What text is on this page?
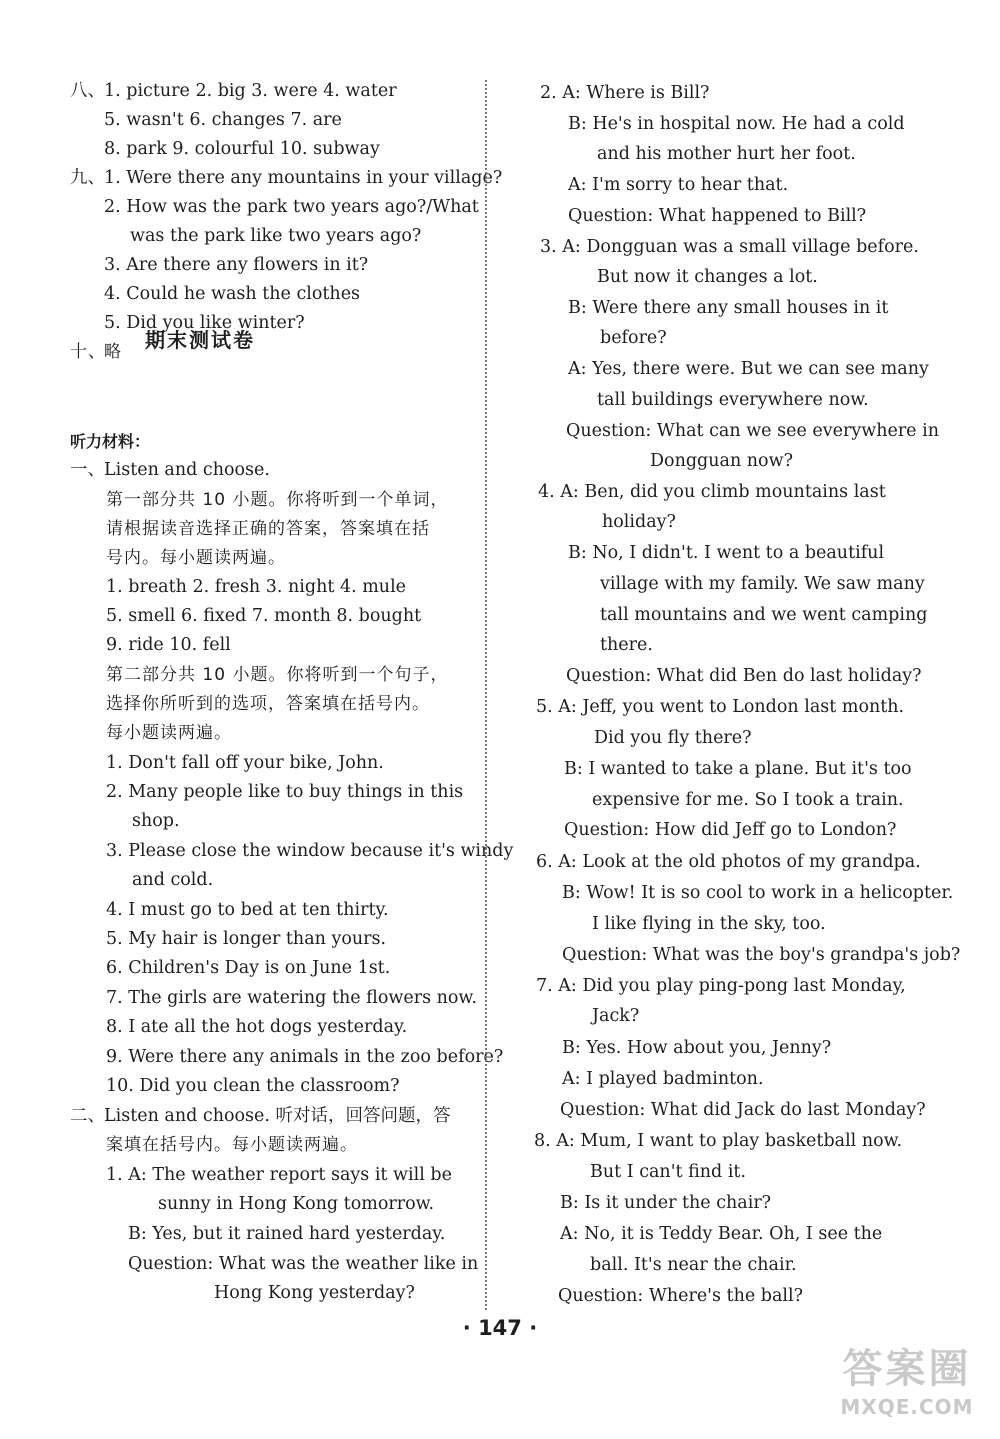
八、 1. picture 2. big 3. were 4. water
5. wasn't 6. changes 7. are
8. park 9. colourful 10. subway
九、 1. Were there any mountains in your village?
2. How was the park two years ago?/What
was the park like two years ago?
3. Are there any flowers in it?
4. Could he wash the clothes
5. Did you like winter?
十、
略
听力材料：
一、 Listen and choose.
第一部分共 10 小题。你将听到一个单词，
请根据读音选择正确的答案，答案填在括
号内。每小题读两遍。
1. breath 2. fresh 3. night 4. mule
5. smell 6. fixed 7. month 8. bought
9. ride 10. fell
第二部分共 10 小题。你将听到一个句子，
选择你所听到的选项，答案填在括号内。
每小题读两遍。
1. Don't fall off your bike, John.
2. Many people like to buy things in this
shop.
3. Please close the window because it's windy
and cold.
4. I must go to bed at ten thirty.
5. My hair is longer than yours.
6. Children's Day is on June 1st.
7. The girls are watering the flowers now.
8. I ate all the hot dogs yesterday.
9. Were there any animals in the zoo before?
10. Did you clean the classroom?
二、 Listen and choose. 听对话，回答问题，答
案填在括号内。每小题读两遍。
1. A: The weather report says it will be
sunny in Hong Kong tomorrow.
B: Yes, but it rained hard yesterday.
Question: What was the weather like in
Hong Kong yesterday?
期末测试卷
2. A: Where is Bill?
B: He's in hospital now. He had a cold
and his mother hurt her foot.
A: I'm sorry to hear that.
Question: What happened to Bill?
3. A: Dongguan was a small village before.
But now it changes a lot.
B: Were there any small houses in it
before?
A: Yes, there were. But we can see many
tall buildings everywhere now.
Question: What can we see everywhere in
Dongguan now?
4. A: Ben, did you climb mountains last
holiday?
B: No, I didn't. I went to a beautiful
village with my family. We saw many
tall mountains and we went camping
there.
Question: What did Ben do last holiday?
5. A: Jeff, you went to London last month.
Did you fly there?
B: I wanted to take a plane. But it's too
expensive for me. So I took a train.
Question: How did Jeff go to London?
6. A: Look at the old photos of my grandpa.
B: Wow! It is so cool to work in a helicopter.
I like flying in the sky, too.
Question: What was the boy's grandpa's job?
7. A: Did you play ping-pong last Monday,
Jack?
B: Yes. How about you, Jenny?
A: I played badminton.
Question: What did Jack do last Monday?
8. A: Mum, I want to play basketball now.
But I can't find it.
B: Is it under the chair?
A: No, it is Teddy Bear. Oh, I see the
ball. It's near the chair.
Question: Where's the ball?
· 147 ·
答案圈
MXQE.COM
